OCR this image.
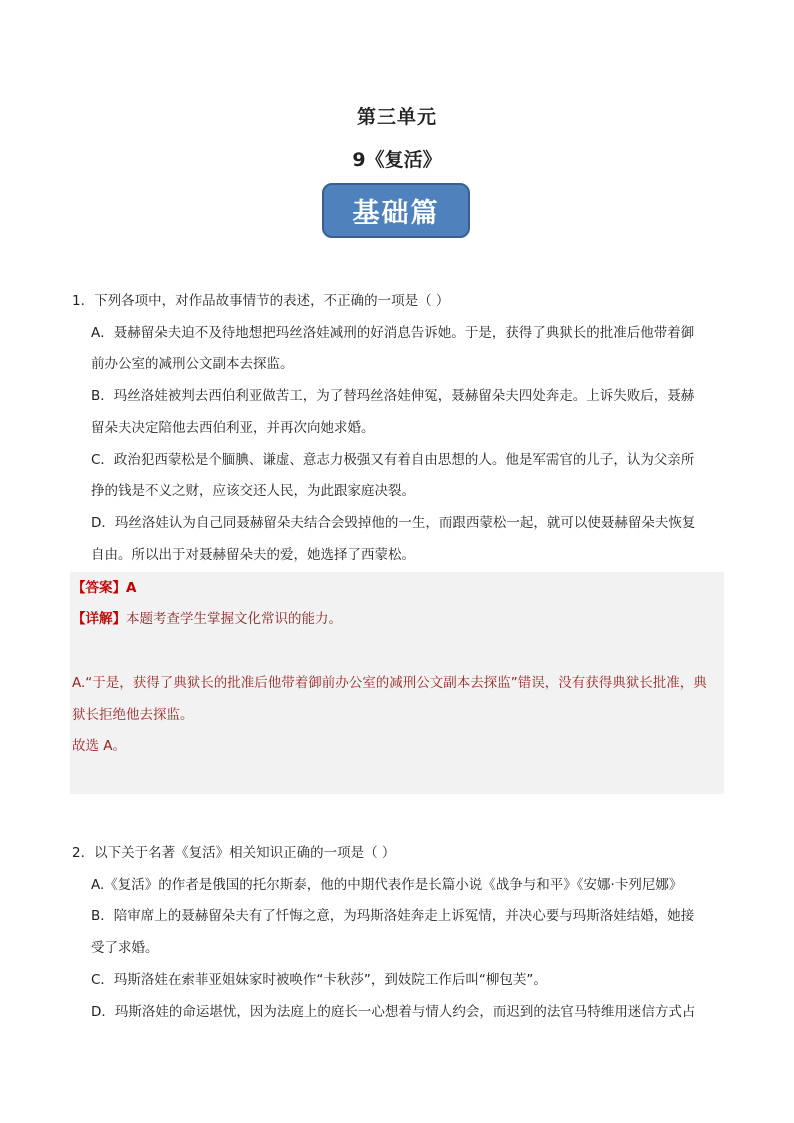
第三单元
9《复活》
基础篇
1．下列各项中，对作品故事情节的表述，不正确的一项是（ ）
A．聂赫留朵夫迫不及待地想把玛丝洛娃减刑的好消息告诉她。于是，获得了典狱长的批准后他带着御
前办公室的减刑公文副本去探监。
B．玛丝洛娃被判去西伯利亚做苦工，为了替玛丝洛娃伸冤，聂赫留朵夫四处奔走。上诉失败后，聂赫
留朵夫决定陪他去西伯利亚，并再次向她求婚。
C．政治犯西蒙松是个腼腆、谦虚、意志力极强又有着自由思想的人。他是军需官的儿子，认为父亲所
挣的钱是不义之财，应该交还人民，为此跟家庭决裂。
D．玛丝洛娃认为自己同聂赫留朵夫结合会毁掉他的一生，而跟西蒙松一起，就可以使聂赫留朵夫恢复
自由。所以出于对聂赫留朵夫的爱，她选择了西蒙松。
【答案】A
【详解】本题考查学生掌握文化常识的能力。
A.“于是，获得了典狱长的批准后他带着御前办公室的减刑公文副本去探监”错误，没有获得典狱长批准，典
狱长拒绝他去探监。
故选 A。
2．以下关于名著《复活》相关知识正确的一项是（ ）
A.《复活》的作者是俄国的托尔斯泰，他的中期代表作是长篇小说《战争与和平》《安娜·卡列尼娜》
B．陪审席上的聂赫留朵夫有了忏悔之意，为玛斯洛娃奔走上诉冤情，并决心要与玛斯洛娃结婚，她接
受了求婚。
C．玛斯洛娃在索菲亚姐妹家时被唤作“卡秋莎”，到妓院工作后叫“柳包芙”。
D．玛斯洛娃的命运堪忧，因为法庭上的庭长一心想着与情人约会，而迟到的法官马特维用迷信方式占
